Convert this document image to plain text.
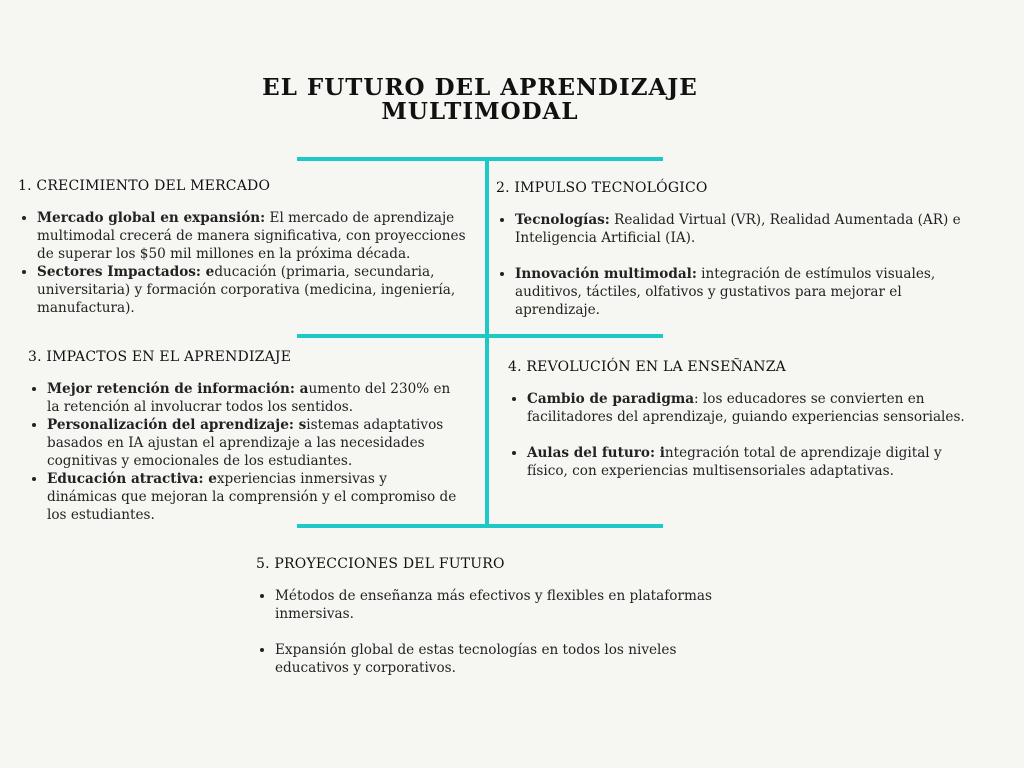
EL FUTURO DEL APRENDIZAJE
MULTIMODAL
1. CRECIMIENTO DEL MERCADO
• Mercado global en expansión: El mercado de aprendizaje multimodal crecerá de manera significativa, con proyecciones de superar los $50 mil millones en la próxima década.
• Sectores Impactados: educación (primaria, secundaria, universitaria) y formación corporativa (medicina, ingeniería, manufactura).
2. IMPULSO TECNOLÓGICO
• Tecnologías: Realidad Virtual (VR), Realidad Aumentada (AR) e Inteligencia Artificial (IA).
• Innovación multimodal: integración de estímulos visuales, auditivos, táctiles, olfativos y gustativos para mejorar el aprendizaje.
3. IMPACTOS EN EL APRENDIZAJE
• Mejor retención de información: aumento del 230% en la retención al involucrar todos los sentidos.
• Personalización del aprendizaje: sistemas adaptativos basados en IA ajustan el aprendizaje a las necesidades cognitivas y emocionales de los estudiantes.
• Educación atractiva: experiencias inmersivas y dinámicas que mejoran la comprensión y el compromiso de los estudiantes.
4. REVOLUCIÓN EN LA ENSEÑANZA
• Cambio de paradigma: los educadores se convierten en facilitadores del aprendizaje, guiando experiencias sensoriales.
• Aulas del futuro: integración total de aprendizaje digital y físico, con experiencias multisensoriales adaptativas.
5. PROYECCIONES DEL FUTURO
• Métodos de enseñanza más efectivos y flexibles en plataformas inmersivas.
• Expansión global de estas tecnologías en todos los niveles educativos y corporativos.
